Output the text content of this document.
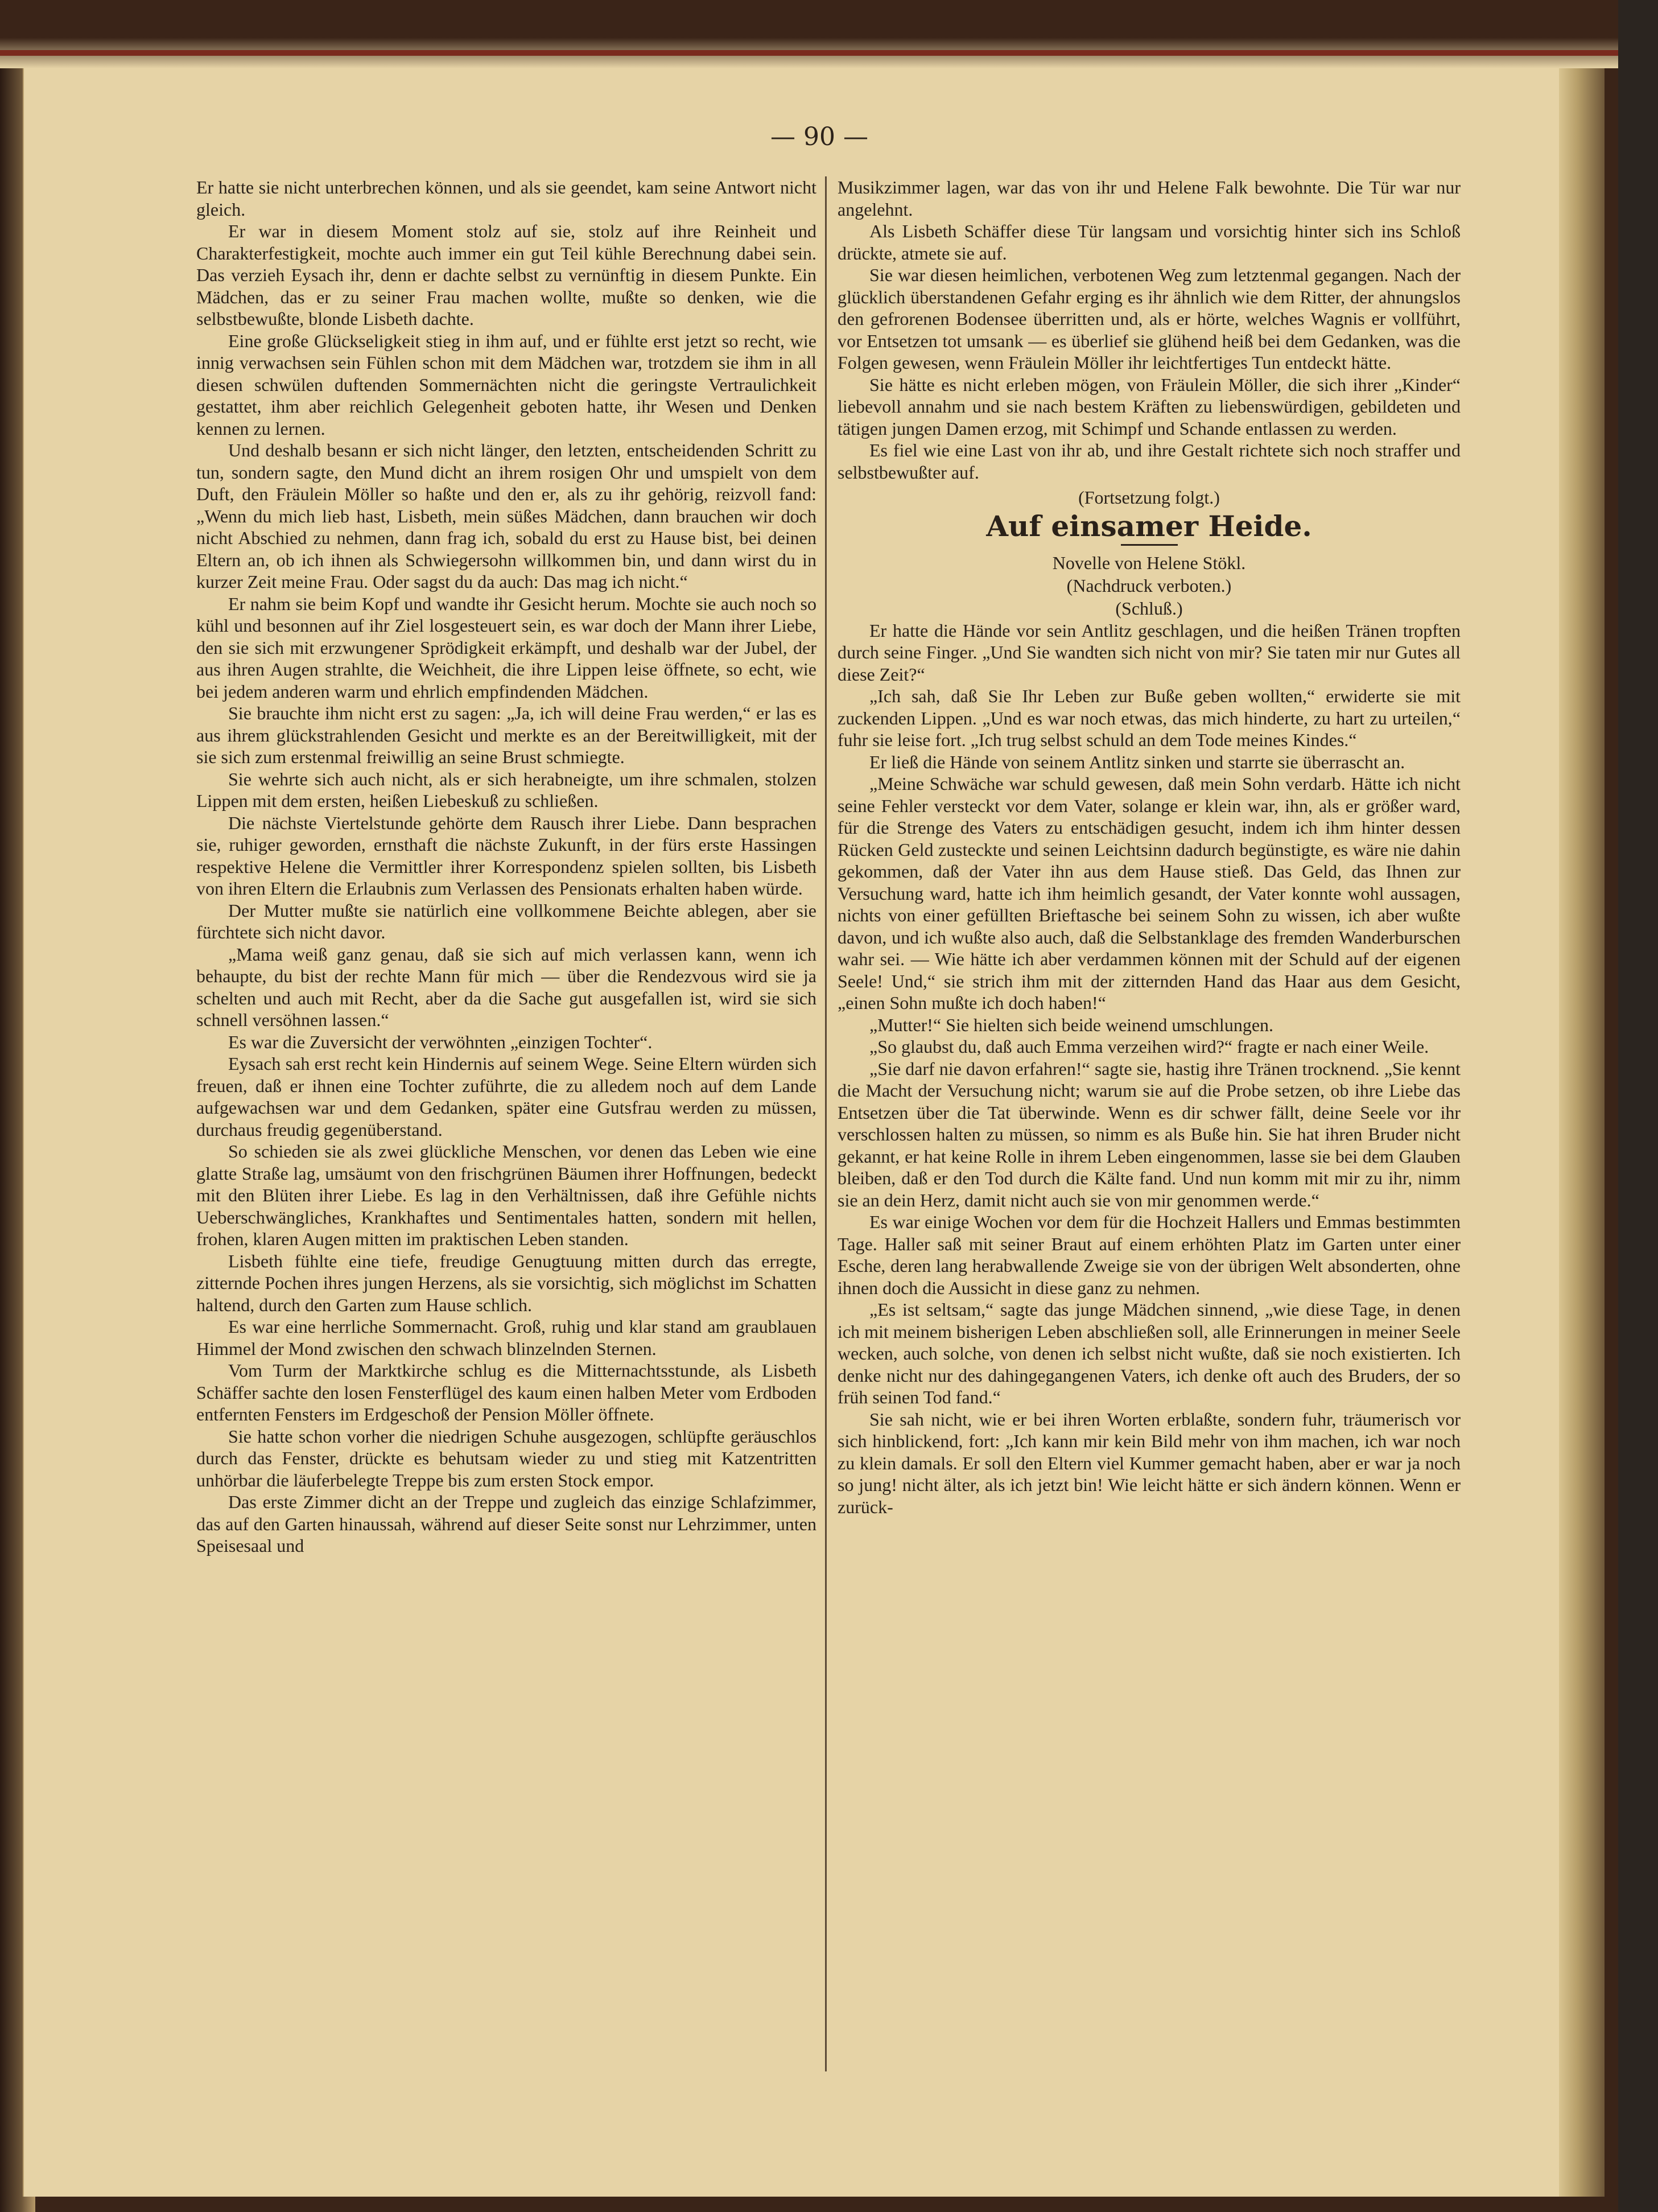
— 90 —

Er hatte sie nicht unterbrechen können, und als sie geendet, kam seine Antwort nicht gleich.

Er war in diesem Moment stolz auf sie, stolz auf ihre Reinheit und Charakterfestigkeit, mochte auch immer ein gut Teil kühle Berechnung dabei sein. Das verzieh Eysach ihr, denn er dachte selbst zu vernünftig in diesem Punkte. Ein Mädchen, das er zu seiner Frau machen wollte, mußte so denken, wie die selbstbewußte, blonde Lisbeth dachte.

Eine große Glückseligkeit stieg in ihm auf, und er fühlte erst jetzt so recht, wie innig verwachsen sein Fühlen schon mit dem Mädchen war, trotzdem sie ihm in all diesen schwülen duftenden Sommernächten nicht die geringste Vertraulichkeit gestattet, ihm aber reichlich Gelegenheit geboten hatte, ihr Wesen und Denken kennen zu lernen.

Und deshalb besann er sich nicht länger, den letzten, entscheidenden Schritt zu tun, sondern sagte, den Mund dicht an ihrem rosigen Ohr und umspielt von dem Duft, den Fräulein Möller so haßte und den er, als zu ihr gehörig, reizvoll fand: „Wenn du mich lieb hast, Lisbeth, mein süßes Mädchen, dann brauchen wir doch nicht Abschied zu nehmen, dann frag ich, sobald du erst zu Hause bist, bei deinen Eltern an, ob ich ihnen als Schwiegersohn willkommen bin, und dann wirst du in kurzer Zeit meine Frau. Oder sagst du da auch: Das mag ich nicht.“

Er nahm sie beim Kopf und wandte ihr Gesicht herum. Mochte sie auch noch so kühl und besonnen auf ihr Ziel losgesteuert sein, es war doch der Mann ihrer Liebe, den sie sich mit erzwungener Sprödigkeit erkämpft, und deshalb war der Jubel, der aus ihren Augen strahlte, die Weichheit, die ihre Lippen leise öffnete, so echt, wie bei jedem anderen warm und ehrlich empfindenden Mädchen.

Sie brauchte ihm nicht erst zu sagen: „Ja, ich will deine Frau werden,“ er las es aus ihrem glückstrahlenden Gesicht und merkte es an der Bereitwilligkeit, mit der sie sich zum erstenmal freiwillig an seine Brust schmiegte.

Sie wehrte sich auch nicht, als er sich herabneigte, um ihre schmalen, stolzen Lippen mit dem ersten, heißen Liebeskuß zu schließen.

Die nächste Viertelstunde gehörte dem Rausch ihrer Liebe. Dann besprachen sie, ruhiger geworden, ernsthaft die nächste Zukunft, in der fürs erste Hassingen respektive Helene die Vermittler ihrer Korrespondenz spielen sollten, bis Lisbeth von ihren Eltern die Erlaubnis zum Verlassen des Pensionats erhalten haben würde.

Der Mutter mußte sie natürlich eine vollkommene Beichte ablegen, aber sie fürchtete sich nicht davor.

„Mama weiß ganz genau, daß sie sich auf mich verlassen kann, wenn ich behaupte, du bist der rechte Mann für mich — über die Rendezvous wird sie ja schelten und auch mit Recht, aber da die Sache gut ausgefallen ist, wird sie sich schnell versöhnen lassen.“

Es war die Zuversicht der verwöhnten „einzigen Tochter“.

Eysach sah erst recht kein Hindernis auf seinem Wege. Seine Eltern würden sich freuen, daß er ihnen eine Tochter zuführte, die zu alledem noch auf dem Lande aufgewachsen war und dem Gedanken, später eine Gutsfrau werden zu müssen, durchaus freudig gegenüberstand.

So schieden sie als zwei glückliche Menschen, vor denen das Leben wie eine glatte Straße lag, umsäumt von den frischgrünen Bäumen ihrer Hoffnungen, bedeckt mit den Blüten ihrer Liebe. Es lag in den Verhältnissen, daß ihre Gefühle nichts Ueberschwängliches, Krankhaftes und Sentimentales hatten, sondern mit hellen, frohen, klaren Augen mitten im praktischen Leben standen.

Lisbeth fühlte eine tiefe, freudige Genugtuung mitten durch das erregte, zitternde Pochen ihres jungen Herzens, als sie vorsichtig, sich möglichst im Schatten haltend, durch den Garten zum Hause schlich.

Es war eine herrliche Sommernacht. Groß, ruhig und klar stand am graublauen Himmel der Mond zwischen den schwach blinzelnden Sternen.

Vom Turm der Marktkirche schlug es die Mitternachtsstunde, als Lisbeth Schäffer sachte den losen Fensterflügel des kaum einen halben Meter vom Erdboden entfernten Fensters im Erdgeschoß der Pension Möller öffnete.

Sie hatte schon vorher die niedrigen Schuhe ausgezogen, schlüpfte geräuschlos durch das Fenster, drückte es behutsam wieder zu und stieg mit Katzentritten unhörbar die läuferbelegte Treppe bis zum ersten Stock empor.

Das erste Zimmer dicht an der Treppe und zugleich das einzige Schlafzimmer, das auf den Garten hinaussah, während auf dieser Seite sonst nur Lehrzimmer, unten Speisesaal und

Musikzimmer lagen, war das von ihr und Helene Falk bewohnte. Die Tür war nur angelehnt.

Als Lisbeth Schäffer diese Tür langsam und vorsichtig hinter sich ins Schloß drückte, atmete sie auf.

Sie war diesen heimlichen, verbotenen Weg zum letztenmal gegangen. Nach der glücklich überstandenen Gefahr erging es ihr ähnlich wie dem Ritter, der ahnungslos den gefrorenen Bodensee überritten und, als er hörte, welches Wagnis er vollführt, vor Entsetzen tot umsank — es überlief sie glühend heiß bei dem Gedanken, was die Folgen gewesen, wenn Fräulein Möller ihr leichtfertiges Tun entdeckt hätte.

Sie hätte es nicht erleben mögen, von Fräulein Möller, die sich ihrer „Kinder“ liebevoll annahm und sie nach bestem Kräften zu liebenswürdigen, gebildeten und tätigen jungen Damen erzog, mit Schimpf und Schande entlassen zu werden.

Es fiel wie eine Last von ihr ab, und ihre Gestalt richtete sich noch straffer und selbstbewußter auf.

(Fortsetzung folgt.)

Auf einsamer Heide.

Novelle von Helene Stökl.

(Nachdruck verboten.)

(Schluß.)

Er hatte die Hände vor sein Antlitz geschlagen, und die heißen Tränen tropften durch seine Finger. „Und Sie wandten sich nicht von mir? Sie taten mir nur Gutes all diese Zeit?“

„Ich sah, daß Sie Ihr Leben zur Buße geben wollten,“ erwiderte sie mit zuckenden Lippen. „Und es war noch etwas, das mich hinderte, zu hart zu urteilen,“ fuhr sie leise fort. „Ich trug selbst schuld an dem Tode meines Kindes.“

Er ließ die Hände von seinem Antlitz sinken und starrte sie überrascht an.

„Meine Schwäche war schuld gewesen, daß mein Sohn verdarb. Hätte ich nicht seine Fehler versteckt vor dem Vater, solange er klein war, ihn, als er größer ward, für die Strenge des Vaters zu entschädigen gesucht, indem ich ihm hinter dessen Rücken Geld zusteckte und seinen Leichtsinn dadurch begünstigte, es wäre nie dahin gekommen, daß der Vater ihn aus dem Hause stieß. Das Geld, das Ihnen zur Versuchung ward, hatte ich ihm heimlich gesandt, der Vater konnte wohl aussagen, nichts von einer gefüllten Brieftasche bei seinem Sohn zu wissen, ich aber wußte davon, und ich wußte also auch, daß die Selbstanklage des fremden Wanderburschen wahr sei. — Wie hätte ich aber verdammen können mit der Schuld auf der eigenen Seele! Und,“ sie strich ihm mit der zitternden Hand das Haar aus dem Gesicht, „einen Sohn mußte ich doch haben!“

„Mutter!“ Sie hielten sich beide weinend umschlungen.

„So glaubst du, daß auch Emma verzeihen wird?“ fragte er nach einer Weile.

„Sie darf nie davon erfahren!“ sagte sie, hastig ihre Tränen trocknend. „Sie kennt die Macht der Versuchung nicht; warum sie auf die Probe setzen, ob ihre Liebe das Entsetzen über die Tat überwinde. Wenn es dir schwer fällt, deine Seele vor ihr verschlossen halten zu müssen, so nimm es als Buße hin. Sie hat ihren Bruder nicht gekannt, er hat keine Rolle in ihrem Leben eingenommen, lasse sie bei dem Glauben bleiben, daß er den Tod durch die Kälte fand. Und nun komm mit mir zu ihr, nimm sie an dein Herz, damit nicht auch sie von mir genommen werde.“

Es war einige Wochen vor dem für die Hochzeit Hallers und Emmas bestimmten Tage. Haller saß mit seiner Braut auf einem erhöhten Platz im Garten unter einer Esche, deren lang herabwallende Zweige sie von der übrigen Welt absonderten, ohne ihnen doch die Aussicht in diese ganz zu nehmen.

„Es ist seltsam,“ sagte das junge Mädchen sinnend, „wie diese Tage, in denen ich mit meinem bisherigen Leben abschließen soll, alle Erinnerungen in meiner Seele wecken, auch solche, von denen ich selbst nicht wußte, daß sie noch existierten. Ich denke nicht nur des dahingegangenen Vaters, ich denke oft auch des Bruders, der so früh seinen Tod fand.“

Sie sah nicht, wie er bei ihren Worten erblaßte, sondern fuhr, träumerisch vor sich hinblickend, fort: „Ich kann mir kein Bild mehr von ihm machen, ich war noch zu klein damals. Er soll den Eltern viel Kummer gemacht haben, aber er war ja noch so jung! nicht älter, als ich jetzt bin! Wie leicht hätte er sich ändern können. Wenn er zurück-
